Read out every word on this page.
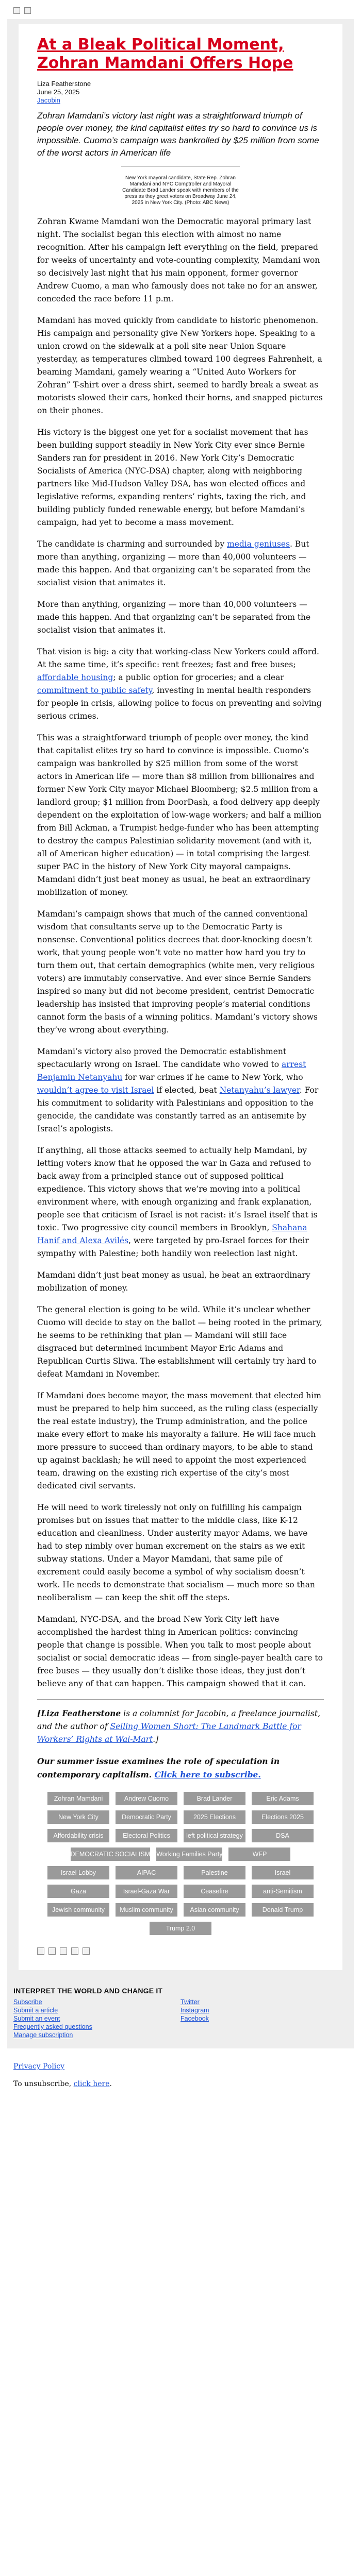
At a Bleak Political Moment, Zohran Mamdani Offers Hope
Liza Featherstone
June 25, 2025
Jacobin

Zohran Mamdani’s victory last night was a straightforward triumph of people over money, the kind capitalist elites try so hard to convince us is impossible. Cuomo’s campaign was bankrolled by $25 million from some of the worst actors in American life

New York mayoral candidate, State Rep. Zohran Mamdani and NYC Comptroller and Mayoral Candidate Brad Lander speak with members of the press as they greet voters on Broadway June 24, 2025 in New York City. (Photo: ABC News)

Zohran Kwame Mamdani won the Democratic mayoral primary last night. The socialist began this election with almost no name recognition. After his campaign left everything on the field, prepared for weeks of uncertainty and vote-counting complexity, Mamdani won so decisively last night that his main opponent, former governor Andrew Cuomo, a man who famously does not take no for an answer, conceded the race before 11 p.m.

Mamdani has moved quickly from candidate to historic phenomenon. His campaign and personality give New Yorkers hope. Speaking to a union crowd on the sidewalk at a poll site near Union Square yesterday, as temperatures climbed toward 100 degrees Fahrenheit, a beaming Mamdani, gamely wearing a “United Auto Workers for Zohran” T-shirt over a dress shirt, seemed to hardly break a sweat as motorists slowed their cars, honked their horns, and snapped pictures on their phones.

His victory is the biggest one yet for a socialist movement that has been building support steadily in New York City ever since Bernie Sanders ran for president in 2016. New York City’s Democratic Socialists of America (NYC-DSA) chapter, along with neighboring partners like Mid-Hudson Valley DSA, has won elected offices and legislative reforms, expanding renters’ rights, taxing the rich, and building publicly funded renewable energy, but before Mamdani’s campaign, had yet to become a mass movement.

The candidate is charming and surrounded by media geniuses. But more than anything, organizing — more than 40,000 volunteers — made this happen. And that organizing can’t be separated from the socialist vision that animates it.

More than anything, organizing — more than 40,000 volunteers — made this happen. And that organizing can’t be separated from the socialist vision that animates it.

That vision is big: a city that working-class New Yorkers could afford. At the same time, it’s specific: rent freezes; fast and free buses; affordable housing; a public option for groceries; and a clear commitment to public safety, investing in mental health responders for people in crisis, allowing police to focus on preventing and solving serious crimes.

This was a straightforward triumph of people over money, the kind that capitalist elites try so hard to convince is impossible. Cuomo’s campaign was bankrolled by $25 million from some of the worst actors in American life — more than $8 million from billionaires and former New York City mayor Michael Bloomberg; $2.5 million from a landlord group; $1 million from DoorDash, a food delivery app deeply dependent on the exploitation of low-wage workers; and half a million from Bill Ackman, a Trumpist hedge-funder who has been attempting to destroy the campus Palestinian solidarity movement (and with it, all of American higher education) — in total comprising the largest super PAC in the history of New York City mayoral campaigns. Mamdani didn’t just beat money as usual, he beat an extraordinary mobilization of money.

Mamdani’s campaign shows that much of the canned conventional wisdom that consultants serve up to the Democratic Party is nonsense. Conventional politics decrees that door-knocking doesn’t work, that young people won’t vote no matter how hard you try to turn them out, that certain demographics (white men, very religious voters) are immutably conservative. And ever since Bernie Sanders inspired so many but did not become president, centrist Democratic leadership has insisted that improving people’s material conditions cannot form the basis of a winning politics. Mamdani’s victory shows they’ve wrong about everything.

Mamdani’s victory also proved the Democratic establishment spectacularly wrong on Israel. The candidate who vowed to arrest Benjamin Netanyahu for war crimes if he came to New York, who wouldn’t agree to visit Israel if elected, beat Netanyahu’s lawyer. For his commitment to solidarity with Palestinians and opposition to the genocide, the candidate was constantly tarred as an antisemite by Israel’s apologists.

If anything, all those attacks seemed to actually help Mamdani, by letting voters know that he opposed the war in Gaza and refused to back away from a principled stance out of supposed political expedience. This victory shows that we’re moving into a political environment where, with enough organizing and frank explanation, people see that criticism of Israel is not racist: it’s Israel itself that is toxic. Two progressive city council members in Brooklyn, Shahana Hanif and Alexa Avilés, were targeted by pro-Israel forces for their sympathy with Palestine; both handily won reelection last night.

Mamdani didn’t just beat money as usual, he beat an extraordinary mobilization of money.

The general election is going to be wild. While it’s unclear whether Cuomo will decide to stay on the ballot — being rooted in the primary, he seems to be rethinking that plan — Mamdani will still face disgraced but determined incumbent Mayor Eric Adams and Republican Curtis Sliwa. The establishment will certainly try hard to defeat Mamdani in November.

If Mamdani does become mayor, the mass movement that elected him must be prepared to help him succeed, as the ruling class (especially the real estate industry), the Trump administration, and the police make every effort to make his mayoralty a failure. He will face much more pressure to succeed than ordinary mayors, to be able to stand up against backlash; he will need to appoint the most experienced team, drawing on the existing rich expertise of the city’s most dedicated civil servants.

He will need to work tirelessly not only on fulfilling his campaign promises but on issues that matter to the middle class, like K-12 education and cleanliness. Under austerity mayor Adams, we have had to step nimbly over human excrement on the stairs as we exit subway stations. Under a Mayor Mamdani, that same pile of excrement could easily become a symbol of why socialism doesn’t work. He needs to demonstrate that socialism — much more so than neoliberalism — can keep the shit off the steps.

Mamdani, NYC-DSA, and the broad New York City left have accomplished the hardest thing in American politics: convincing people that change is possible. When you talk to most people about socialist or social democratic ideas — from single-payer health care to free buses — they usually don’t dislike those ideas, they just don’t believe any of that can happen. This campaign showed that it can.

[Liza Featherstone is a columnist for Jacobin, a freelance journalist, and the author of Selling Women Short: The Landmark Battle for Workers’ Rights at Wal-Mart.]

Our summer issue examines the role of speculation in contemporary capitalism. Click here to subscribe.

Zohran Mamdani	Andrew Cuomo	Brad Lander	Eric Adams
New York City	Democratic Party	2025 Elections	Elections 2025
Affordability crisis	Electoral Politics	left political strategy	DSA
DEMOCRATIC SOCIALISM Working Families Party	WFP
Israel Lobby	AIPAC	Palestine	Israel
Gaza	Israel-Gaza War	Ceasefire	anti-Semitism
Jewish community	Muslim community	Asian community	Donald Trump
Trump 2.0
INTERPRET THE WORLD AND CHANGE IT
Subscribe
Submit a article
Submit an event
Frequently asked questions
Manage subscription
Twitter
Instagram
Facebook

Privacy Policy

To unsubscribe, click here.
